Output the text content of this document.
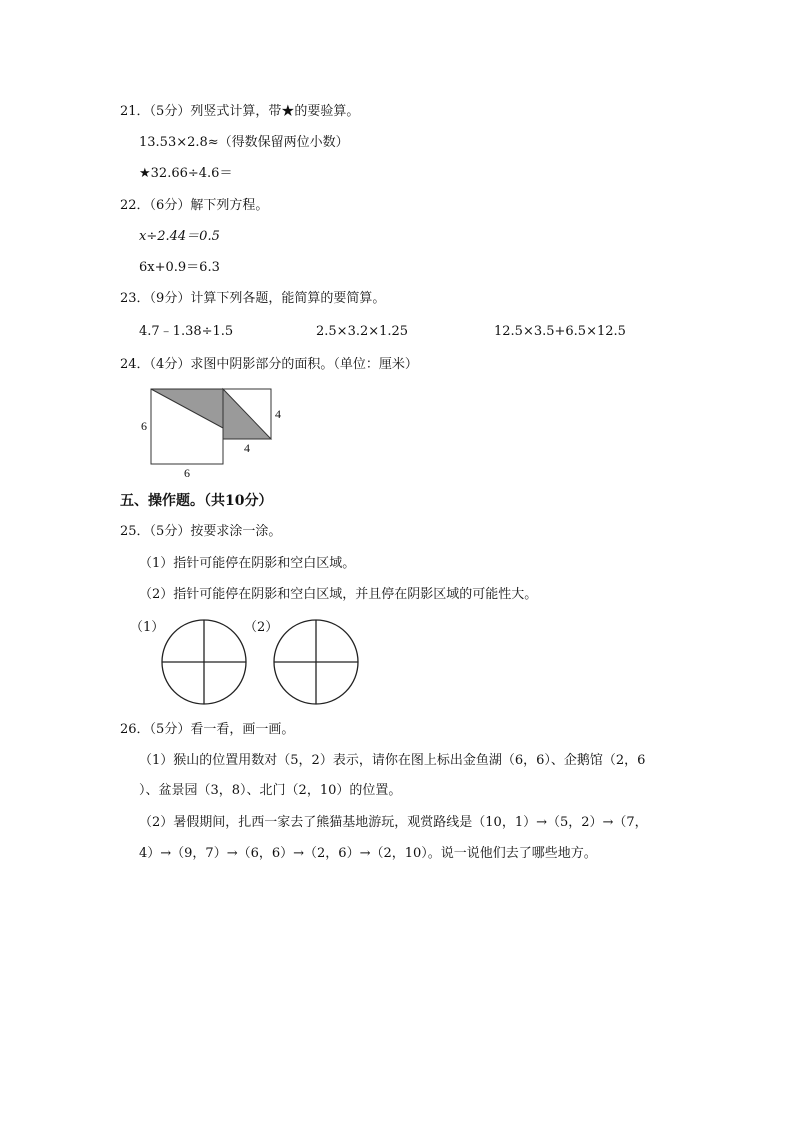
21．（5分）列竖式计算，带★的要验算。
13.53×2.8≈（得数保留两位小数）
★32.66÷4.6＝
22．（6分）解下列方程。
x÷2.44＝0.5
6x+0.9＝6.3
23．（9分）计算下列各题，能简算的要简算。
4.7﹣1.38÷1.5	2.5×3.2×1.25	12.5×3.5+6.5×12.5
24．（4分）求图中阴影部分的面积。（单位：厘米）
6
6
4
4
五、操作题。（共10分）
25．（5分）按要求涂一涂。
（1）指针可能停在阴影和空白区域。
（2）指针可能停在阴影和空白区域，并且停在阴影区域的可能性大。
（1）	（2）
26．（5分）看一看，画一画。
（1）猴山的位置用数对（5，2）表示，请你在图上标出金鱼湖（6，6）、企鹅馆（2，6
）、盆景园（3，8）、北门（2，10）的位置。
（2）暑假期间，扎西一家去了熊猫基地游玩，观赏路线是（10，1）→（5，2）→（7，
4）→（9，7）→（6，6）→（2，6）→（2，10）。说一说他们去了哪些地方。
